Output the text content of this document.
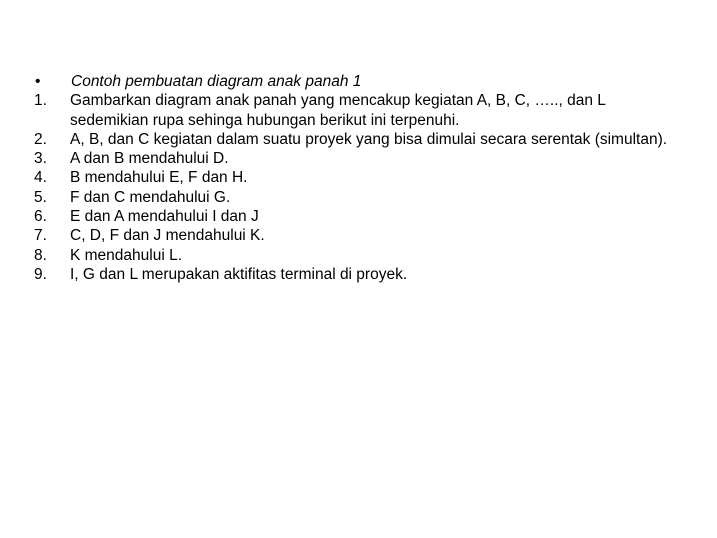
•	Contoh pembuatan diagram anak panah 1
1.	Gambarkan diagram anak panah yang mencakup kegiatan A, B, C, ….., dan L sedemikian rupa sehinga hubungan berikut ini terpenuhi.
2.	A, B, dan C kegiatan dalam suatu proyek yang bisa dimulai secara serentak (simultan).
3.	A dan B mendahului D.
4.	B mendahului E, F dan H.
5.	F dan C mendahului G.
6.	E dan A mendahului I dan J
7.	C, D, F dan J mendahului K.
8.	K mendahului L.
9.	I, G dan L merupakan aktifitas terminal di proyek.
